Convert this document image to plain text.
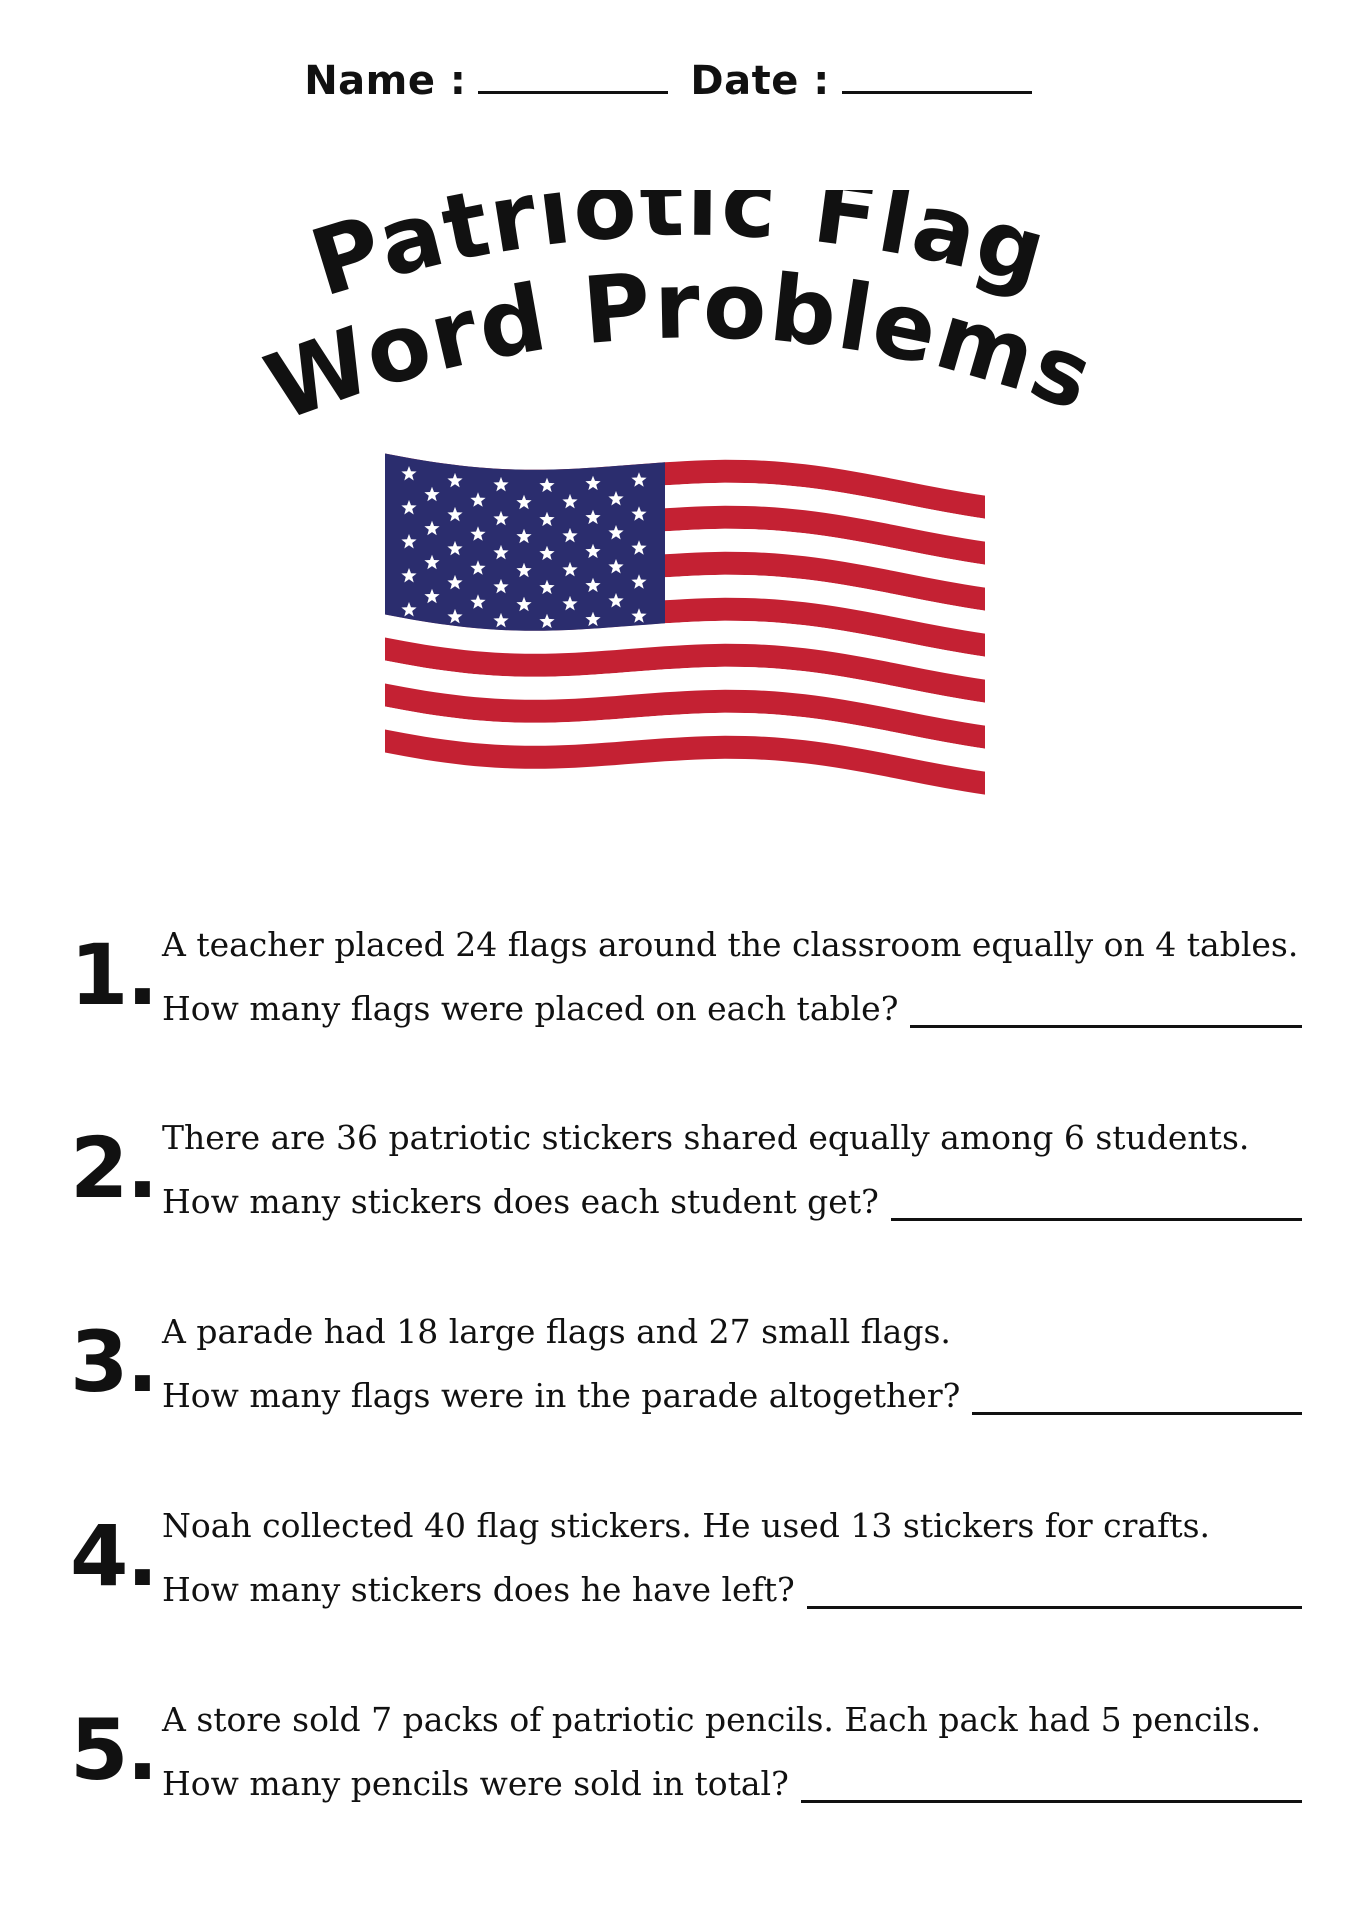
Name :	Date :
Patriotic Flag
Word Problems
1. A teacher placed 24 flags around the classroom equally on 4 tables.
How many flags were placed on each table?
2. There are 36 patriotic stickers shared equally among 6 students.
How many stickers does each student get?
3. A parade had 18 large flags and 27 small flags.
How many flags were in the parade altogether?
4. Noah collected 40 flag stickers. He used 13 stickers for crafts.
How many stickers does he have left?
5. A store sold 7 packs of patriotic pencils. Each pack had 5 pencils.
How many pencils were sold in total?
